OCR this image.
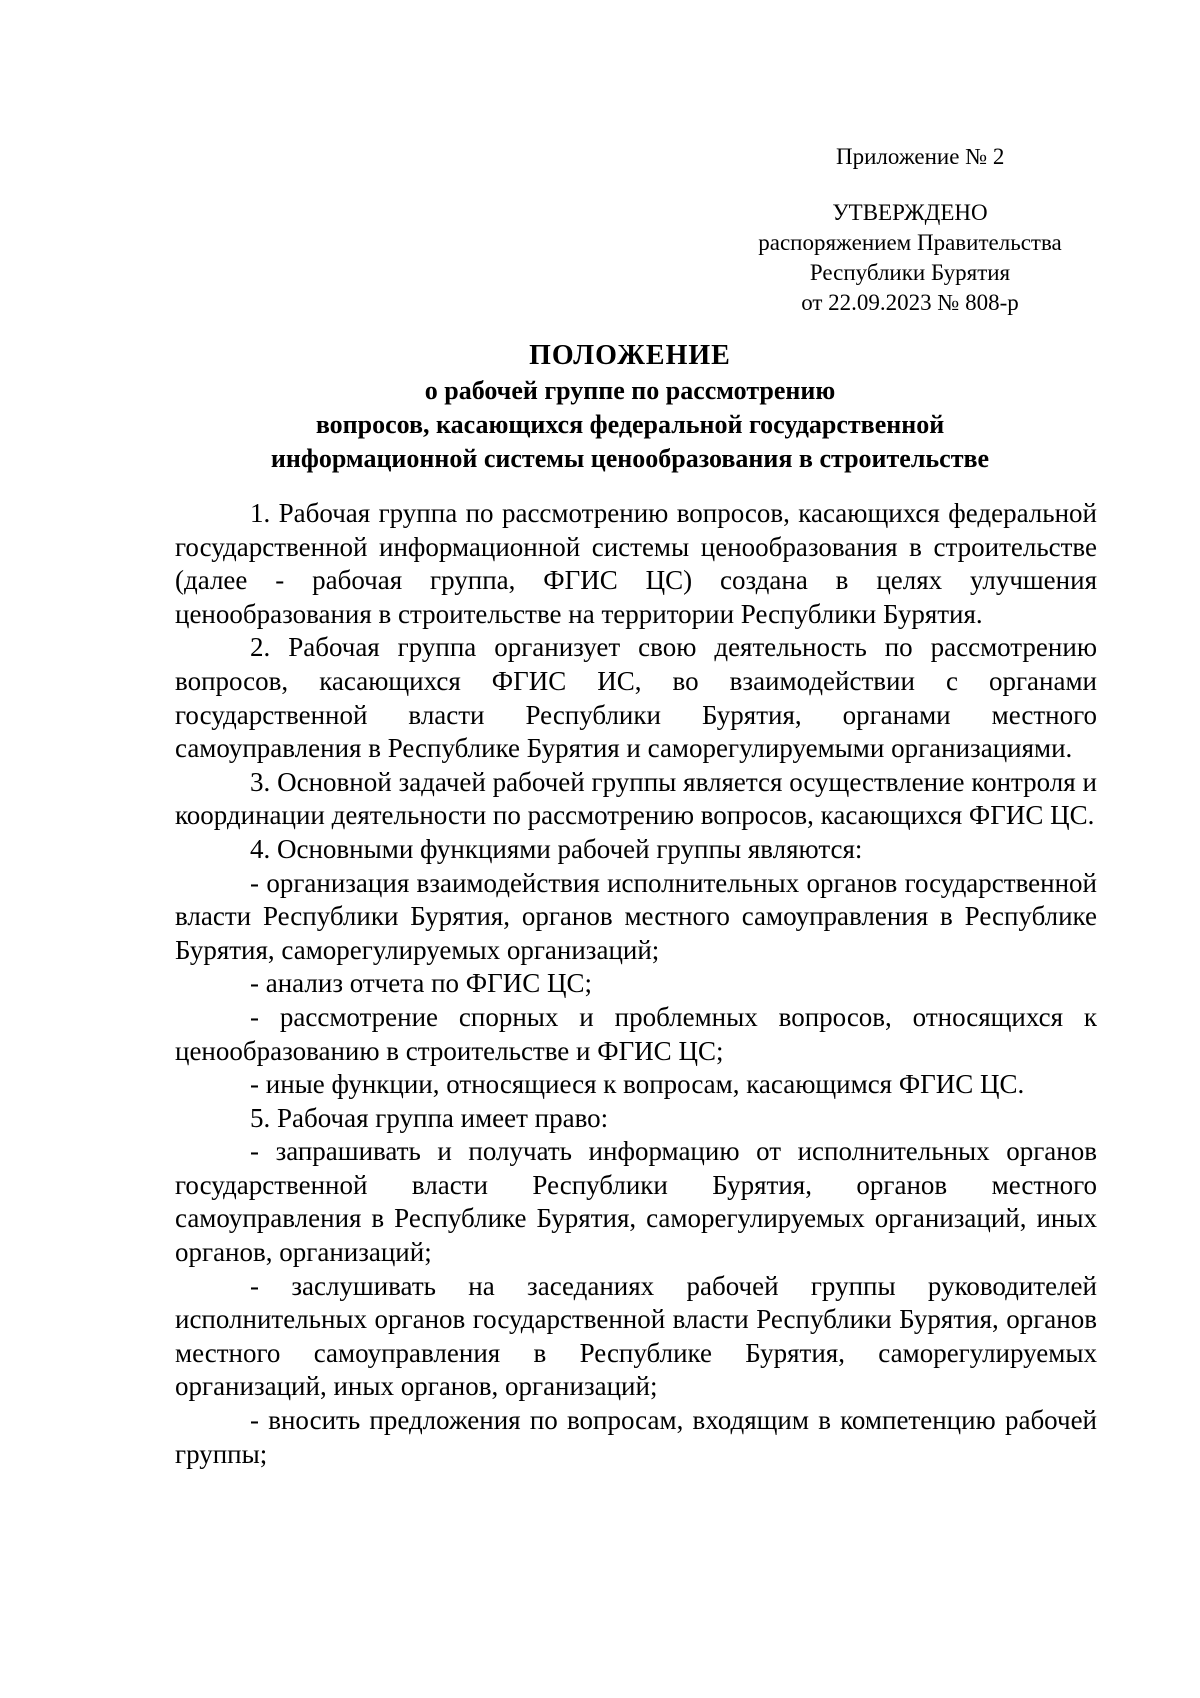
Приложение № 2
УТВЕРЖДЕНО
распоряжением Правительства
Республики Бурятия
от 22.09.2023 № 808-р
ПОЛОЖЕНИЕ
о рабочей группе по рассмотрению
вопросов, касающихся федеральной государственной
информационной системы ценообразования в строительстве

1. Рабочая группа по рассмотрению вопросов, касающихся федеральной государственной информационной системы ценообразования в строительстве (далее - рабочая группа, ФГИС ЦС) создана в целях улучшения ценообразования в строительстве на территории Республики Бурятия.

2. Рабочая группа организует свою деятельность по рассмотрению вопросов, касающихся ФГИС ИС, во взаимодействии с органами государственной власти Республики Бурятия, органами местного самоуправления в Республике Бурятия и саморегулируемыми организациями.

3. Основной задачей рабочей группы является осуществление контроля и координации деятельности по рассмотрению вопросов, касающихся ФГИС ЦС.

4. Основными функциями рабочей группы являются:

- организация взаимодействия исполнительных органов государственной власти Республики Бурятия, органов местного самоуправления в Республике Бурятия, саморегулируемых организаций;

- анализ отчета по ФГИС ЦС;

- рассмотрение спорных и проблемных вопросов, относящихся к ценообразованию в строительстве и ФГИС ЦС;

- иные функции, относящиеся к вопросам, касающимся ФГИС ЦС.

5. Рабочая группа имеет право:

- запрашивать и получать информацию от исполнительных органов государственной власти Республики Бурятия, органов местного самоуправления в Республике Бурятия, саморегулируемых организаций, иных органов, организаций;

- заслушивать на заседаниях рабочей группы руководителей исполнительных органов государственной власти Республики Бурятия, органов местного самоуправления в Республике Бурятия, саморегулируемых организаций, иных органов, организаций;

- вносить предложения по вопросам, входящим в компетенцию рабочей группы;
